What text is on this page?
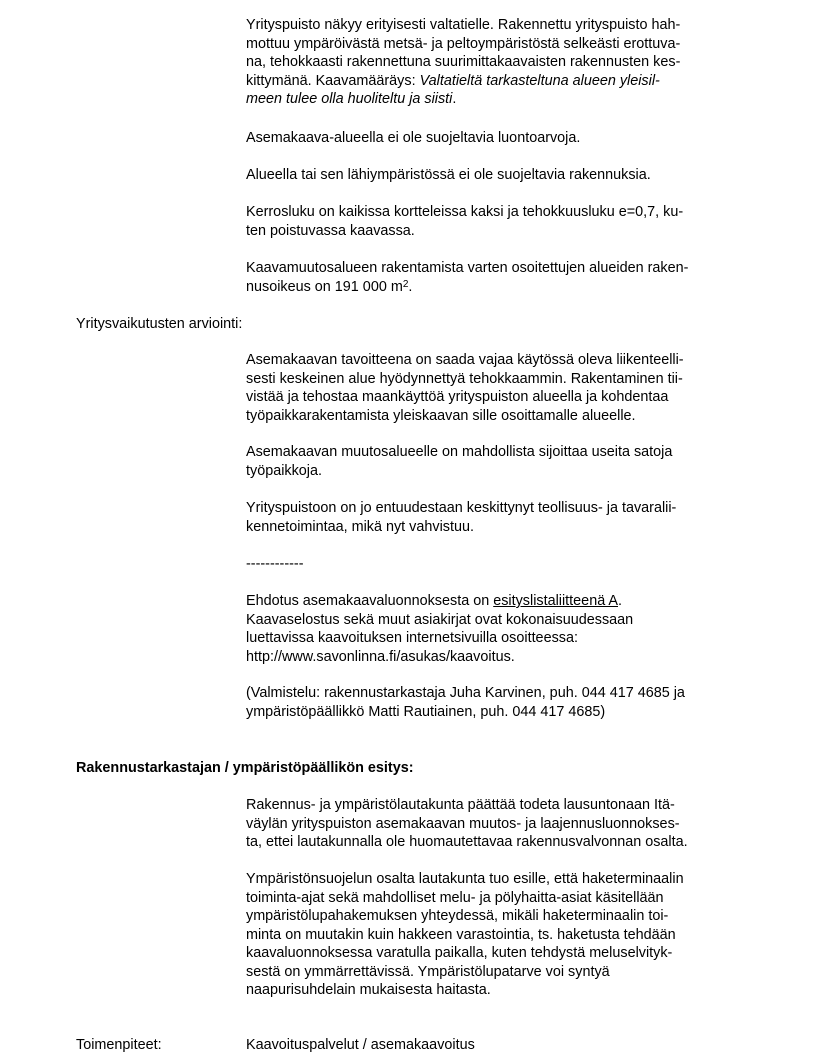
Yrityspuisto näkyy erityisesti valtatielle. Rakennettu yrityspuisto hah-
mottuu ympäröivästä metsä- ja peltoympäristöstä selkeästi erottuva-
na, tehokkaasti rakennettuna suurimittakaavaisten rakennusten kes-
kittymänä. Kaavamääräys: Valtatieltä tarkasteltuna alueen yleisil-
meen tulee olla huoliteltu ja siisti.
Asemakaava-alueella ei ole suojeltavia luontoarvoja.
Alueella tai sen lähiympäristössä ei ole suojeltavia rakennuksia.
Kerrosluku on kaikissa kortteleissa kaksi ja tehokkuusluku e=0,7, ku-
ten poistuvassa kaavassa.
Kaavamuutosalueen rakentamista varten osoitettujen alueiden raken-
nusoikeus on 191 000 $m^2$.

Yritysvaikutusten arviointi:

Asemakaavan tavoitteena on saada vajaa käytössä oleva liikenteelli-
sesti keskeinen alue hyödynnettyä tehokkaammin. Rakentaminen tii-
vistää ja tehostaa maankäyttöä yrityspuiston alueella ja kohdentaa
työpaikkarakentamista yleiskaavan sille osoittamalle alueelle.
Asemakaavan muutosalueelle on mahdollista sijoittaa useita satoja
työpaikkoja.
Yrityspuistoon on jo entuudestaan keskittynyt teollisuus- ja tavaralii-
kennetoimintaa, mikä nyt vahvistuu.
------------
Ehdotus asemakaavaluonnoksesta on esityslistaliitteenä A.
Kaavaselostus sekä muut asiakirjat ovat kokonaisuudessaan
luettavissa kaavoituksen internetsivuilla osoitteessa:
http://www.savonlinna.fi/asukas/kaavoitus.
(Valmistelu: rakennustarkastaja Juha Karvinen, puh. 044 417 4685 ja
ympäristöpäällikkö Matti Rautiainen, puh. 044 417 4685)

Rakennustarkastajan / ympäristöpäällikön esitys:

Rakennus- ja ympäristölautakunta päättää todeta lausuntonaan Itä-
väylän yrityspuiston asemakaavan muutos- ja laajennusluonnokses-
ta, ettei lautakunnalla ole huomautettavaa rakennusvalvonnan osalta.
Ympäristönsuojelun osalta lautakunta tuo esille, että haketerminaalin
toiminta-ajat sekä mahdolliset melu- ja pölyhaitta-asiat käsitellään
ympäristölupahakemuksen yhteydessä, mikäli haketerminaalin toi-
minta on muutakin kuin hakkeen varastointia, ts. haketusta tehdään
kaavaluonnoksessa varatulla paikalla, kuten tehdystä meluselvityk-
sestä on ymmärrettävissä. Ympäristölupatarve voi syntyä
naapurisuhdelain mukaisesta haitasta.

Toimenpiteet:	Kaavoituspalvelut / asemakaavoitus
